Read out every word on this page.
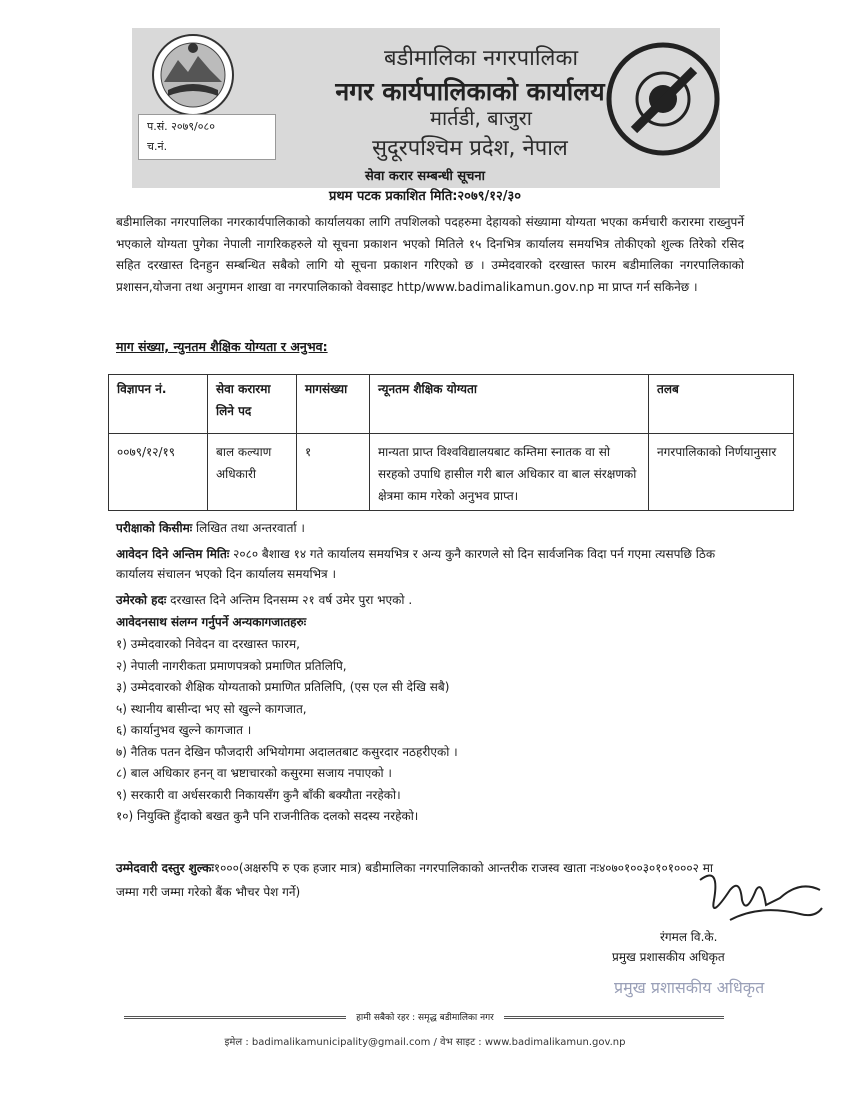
बडीमालिका नगरपालिका
नगर कार्यपालिकाको कार्यालय
मार्तडी, बाजुरा
सुदूरपश्चिम प्रदेश, नेपाल
प.सं. २०७९/०८०
च.नं.
सेवा करार सम्बन्धी सूचना
प्रथम पटक प्रकाशित मिति:२०७९/१२/३०
बडीमालिका नगरपालिका नगरकार्यपालिकाको कार्यालयका लागि तपशिलको पदहरुमा देहायको संख्यामा योग्यता भएका कर्मचारी करारमा राख्नुपर्ने भएकाले योग्यता पुगेका नेपाली नागरिकहरुले यो सूचना प्रकाशन भएको मितिले १५ दिनभित्र कार्यालय समयभित्र तोकीएको शुल्क तिरेको रसिद सहित दरखास्त दिनहुन सम्बन्धित सबैको लागि यो सूचना प्रकाशन गरिएको छ । उम्मेदवारको दरखास्त फारम बडीमालिका नगरपालिकाको प्रशासन,योजना तथा अनुगमन शाखा वा नगरपालिकाको वेवसाइट http/www.badimalikamun.gov.np मा प्राप्त गर्न सकिनेछ ।
माग संख्या, न्युनतम शैक्षिक योग्यता र अनुभव:
विज्ञापन नं.	सेवा करारमा लिने पद	मागसंख्या	न्यूनतम शैक्षिक योग्यता	तलब
००७९/१२/१९	बाल कल्याण अधिकारी	१	मान्यता प्राप्त विश्वविद्यालयबाट कम्तिमा स्नातक वा सो सरहको उपाधि हासील गरी बाल अधिकार वा बाल संरक्षणको क्षेत्रमा काम गरेको अनुभव प्राप्त।	नगरपालिकाको निर्णयानुसार
परीक्षाको किसीमः लिखित तथा अन्तरवार्ता ।
आवेदन दिने अन्तिम मितिः २०८० बैशाख १४ गते कार्यालय समयभित्र र अन्य कुनै कारणले सो दिन सार्वजनिक विदा पर्न गएमा त्यसपछि ठिक कार्यालय संचालन भएको दिन कार्यालय समयभित्र ।
उमेरको हदः दरखास्त दिने अन्तिम दिनसम्म २१ वर्ष उमेर पुरा भएको .
आवेदनसाथ संलग्न गर्नुपर्ने अन्यकागजातहरुः
१) उम्मेदवारको निवेदन वा दरखास्त फारम,
२) नेपाली नागरीकता प्रमाणपत्रको प्रमाणित प्रतिलिपि,
३) उम्मेदवारको शैक्षिक योग्यताको प्रमाणित प्रतिलिपि, (एस एल सी देखि सबै)
५) स्थानीय बासीन्दा भए सो खुल्ने कागजात,
६) कार्यानुभव खुल्ने कागजात ।
७) नैतिक पतन देखिन फौजदारी अभियोगमा अदालतबाट कसुरदार नठहरीएको ।
८) बाल अधिकार हनन् वा भ्रष्टाचारको कसुरमा सजाय नपाएको ।
९) सरकारी वा अर्धसरकारी निकायसँग कुनै बाँकी बक्यौता नरहेको।
१०) नियुक्ति हुँदाको बखत कुनै पनि राजनीतिक दलको सदस्य नरहेको।
उम्मेदवारी दस्तुर शुल्कः१०००(अक्षरुपि रु एक हजार मात्र) बडीमालिका नगरपालिकाको आन्तरीक राजस्व खाता नः४०७०१००३०१०१०००२ मा जम्मा गरी जम्मा गरेको बैंक भौचर पेश गर्ने)
रंगमल वि.के.
प्रमुख प्रशासकीय अधिकृत
प्रमुख प्रशासकीय अधिकृत
हामी सबैको रहर : समृद्ध बडीमालिका नगर
इमेल : badimalikamunicipality@gmail.com / वेभ साइट : www.badimalikamun.gov.np
